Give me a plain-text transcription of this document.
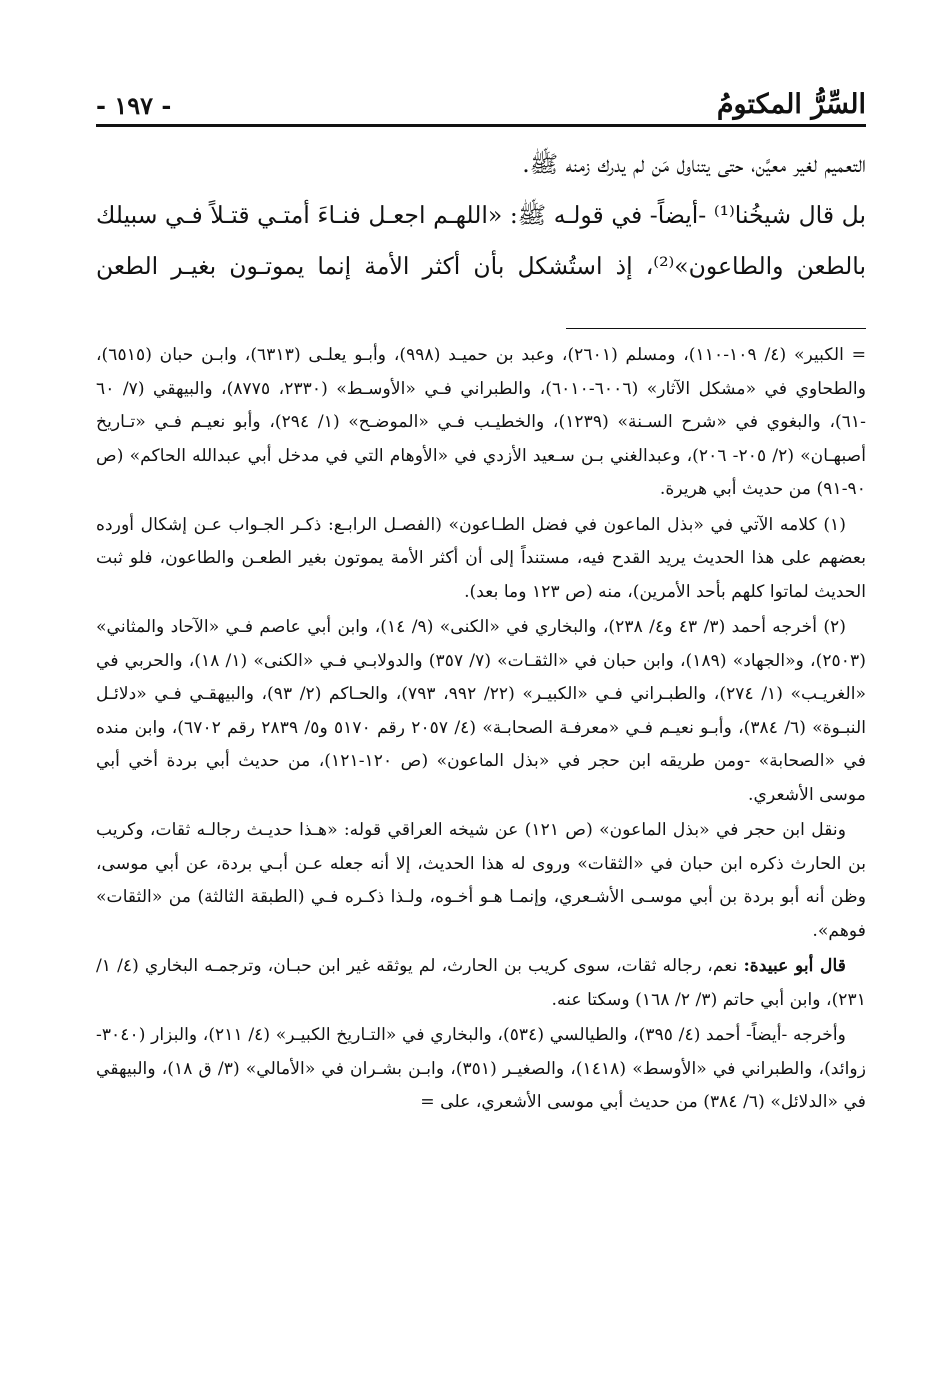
السِّرُّ المكتومُ
- ١٩٧ -

التعميم لغير معيَّن، حتى يتناول مَن لم يدرك زمنه ﷺ.

بل قال شيخُنا⁽¹⁾ -أيضاً- في قولـه ﷺ: «اللهـم اجعـل فنـاءَ أمتـي قتـلاً فـي سبيلك بالطعن والطاعون»⁽²⁾، إذ استُشكل بأن أكثر الأمة إنما يموتـون بغيـر الطعن

= الكبير» (٤/ ١٠٩-١١٠)، ومسلم (٢٦٠١)، وعبد بن حميـد (٩٩٨)، وأبـو يعلـى (٦٣١٣)، وابـن حبان (٦٥١٥)، والطحاوي في «مشكل الآثار» (٦٠٠٦-٦٠١٠)، والطبراني فـي «الأوسـط» (٢٣٣٠، ٨٧٧٥)، والبيهقي (٧/ ٦٠ -٦١)، والبغوي في «شرح السـنة» (١٢٣٩)، والخطيـب فـي «الموضـح» (١/ ٢٩٤)، وأبو نعيـم فـي «تـاريخ أصبهـان» (٢/ ٢٠٥- ٢٠٦)، وعبدالغني بـن سـعيد الأزدي في «الأوهام التي في مدخل أبي عبدالله الحاكم» (ص ٩٠-٩١) من حديث أبي هريرة.

(١) كلامه الآتي في «بذل الماعون في فضل الطـاعون» (الفصـل الرابـع: ذكـر الجـواب عـن إشكال أورده بعضهم على هذا الحديث يريد القدح فيه، مستنداً إلى أن أكثر الأمة يموتون بغير الطعـن والطاعون، فلو ثبت الحديث لماتوا كلهم بأحد الأمرين)، منه (ص ١٢٣ وما بعد).

(٢) أخرجه أحمد (٣/ ٤٣ و٤/ ٢٣٨)، والبخاري في «الكنى» (٩/ ١٤)، وابن أبي عاصم فـي «الآحاد والمثاني» (٢٥٠٣)، و«الجهاد» (١٨٩)، وابن حبان في «الثقـات» (٧/ ٣٥٧) والدولابـي فـي «الكنى» (١/ ١٨)، والحربي في «الغريـب» (١/ ٢٧٤)، والطبـراني فـي «الكبيـر» (٢٢/ ٩٩٢، ٧٩٣)، والحـاكم (٢/ ٩٣)، والبيهقـي فـي «دلائـل النبـوة» (٦/ ٣٨٤)، وأبـو نعيـم فـي «معرفـة الصحابـة» (٤/ ٢٠٥٧ رقم ٥١٧٠ و٥/ ٢٨٣٩ رقم ٦٧٠٢)، وابن منده في «الصحابة» -ومن طريقه ابن حجر في «بذل الماعون» (ص ١٢٠-١٢١)، من حديث أبي بردة أخي أبي موسى الأشعري.

ونقل ابن حجر في «بذل الماعون» (ص ١٢١) عن شيخه العراقي قوله: «هـذا حديـث رجالـه ثقات، وكريب بن الحارث ذكره ابن حبان في «الثقات» وروى له هذا الحديث، إلا أنه جعله عـن أبـي بردة، عن أبي موسى، وظن أنه أبو بردة بن أبي موسـى الأشـعري، وإنمـا هـو أخـوه، ولـذا ذكـره فـي (الطبقة الثالثة) من «الثقات» فوهم».

قال أبو عبيدة: نعم، رجاله ثقات، سوى كريب بن الحارث، لم يوثقه غير ابن حبـان، وترجمـه البخاري (٤/ ١/ ٢٣١)، وابن أبي حاتم (٣/ ٢/ ١٦٨) وسكتا عنه.

وأخرجه -أيضاً- أحمد (٤/ ٣٩٥)، والطيالسي (٥٣٤)، والبخاري في «التـاريخ الكبيـر» (٤/ ٢١١)، والبزار (٣٠٤٠- زوائد)، والطبراني في «الأوسط» (١٤١٨)، والصغيـر (٣٥١)، وابـن بشـران في «الأمالي» (٣/ ق ١٨)، والبيهقي في «الدلائل» (٦/ ٣٨٤) من حديث أبي موسى الأشعري، على =
